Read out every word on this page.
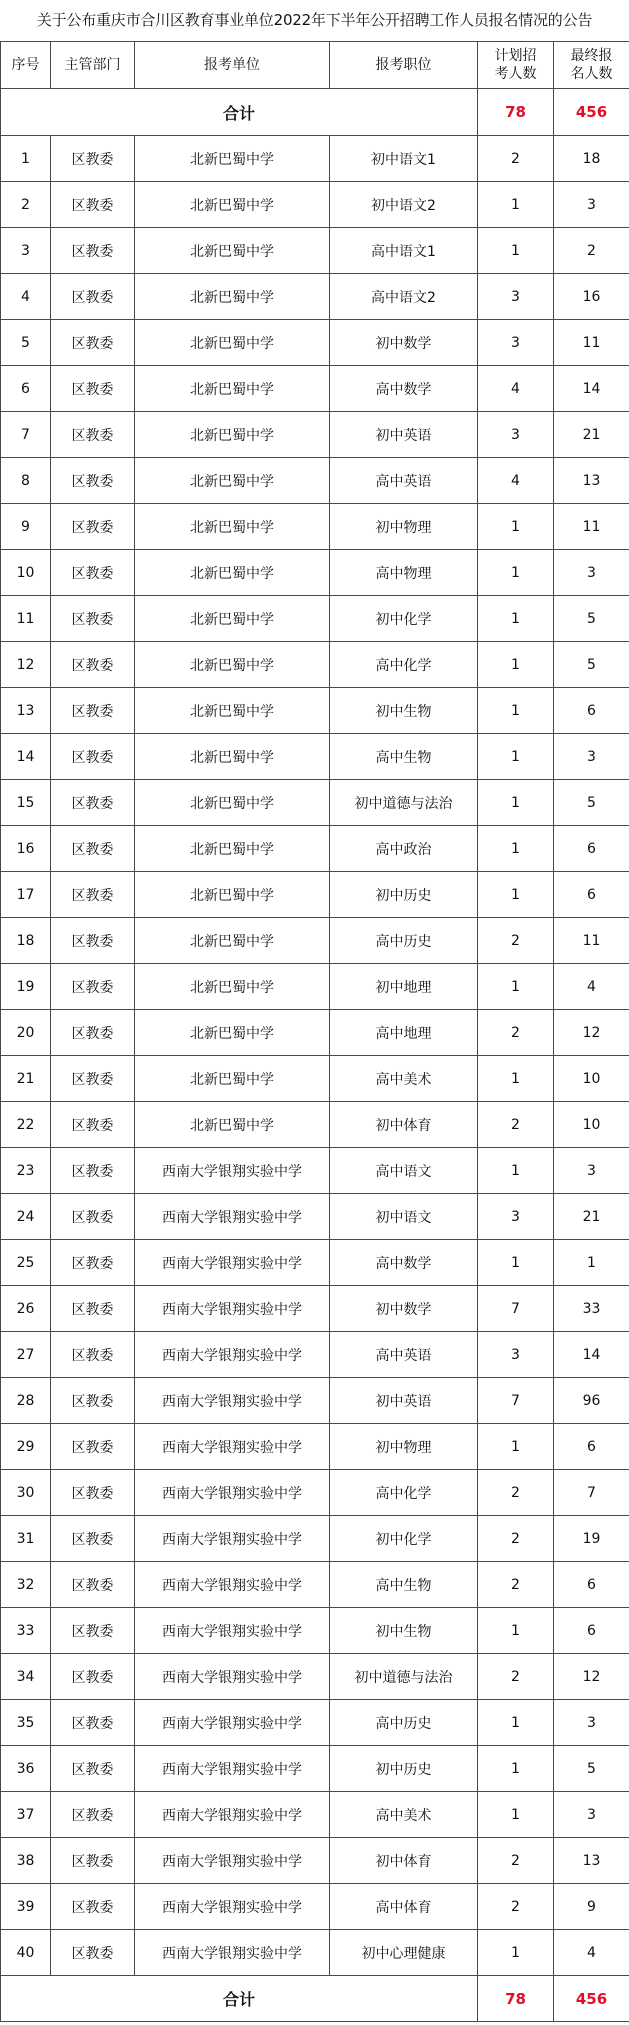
关于公布重庆市合川区教育事业单位2022年下半年公开招聘工作人员报名情况的公告
序号	主管部门	报考单位	报考职位	计划招考人数	最终报名人数
合计				78	456
1	区教委	北新巴蜀中学	初中语文1	2	18
2	区教委	北新巴蜀中学	初中语文2	1	3
3	区教委	北新巴蜀中学	高中语文1	1	2
4	区教委	北新巴蜀中学	高中语文2	3	16
5	区教委	北新巴蜀中学	初中数学	3	11
6	区教委	北新巴蜀中学	高中数学	4	14
7	区教委	北新巴蜀中学	初中英语	3	21
8	区教委	北新巴蜀中学	高中英语	4	13
9	区教委	北新巴蜀中学	初中物理	1	11
10	区教委	北新巴蜀中学	高中物理	1	3
11	区教委	北新巴蜀中学	初中化学	1	5
12	区教委	北新巴蜀中学	高中化学	1	5
13	区教委	北新巴蜀中学	初中生物	1	6
14	区教委	北新巴蜀中学	高中生物	1	3
15	区教委	北新巴蜀中学	初中道德与法治	1	5
16	区教委	北新巴蜀中学	高中政治	1	6
17	区教委	北新巴蜀中学	初中历史	1	6
18	区教委	北新巴蜀中学	高中历史	2	11
19	区教委	北新巴蜀中学	初中地理	1	4
20	区教委	北新巴蜀中学	高中地理	2	12
21	区教委	北新巴蜀中学	高中美术	1	10
22	区教委	北新巴蜀中学	初中体育	2	10
23	区教委	西南大学银翔实验中学	高中语文	1	3
24	区教委	西南大学银翔实验中学	初中语文	3	21
25	区教委	西南大学银翔实验中学	高中数学	1	1
26	区教委	西南大学银翔实验中学	初中数学	7	33
27	区教委	西南大学银翔实验中学	高中英语	3	14
28	区教委	西南大学银翔实验中学	初中英语	7	96
29	区教委	西南大学银翔实验中学	初中物理	1	6
30	区教委	西南大学银翔实验中学	高中化学	2	7
31	区教委	西南大学银翔实验中学	初中化学	2	19
32	区教委	西南大学银翔实验中学	高中生物	2	6
33	区教委	西南大学银翔实验中学	初中生物	1	6
34	区教委	西南大学银翔实验中学	初中道德与法治	2	12
35	区教委	西南大学银翔实验中学	高中历史	1	3
36	区教委	西南大学银翔实验中学	初中历史	1	5
37	区教委	西南大学银翔实验中学	高中美术	1	3
38	区教委	西南大学银翔实验中学	初中体育	2	13
39	区教委	西南大学银翔实验中学	高中体育	2	9
40	区教委	西南大学银翔实验中学	初中心理健康	1	4
合计				78	456
